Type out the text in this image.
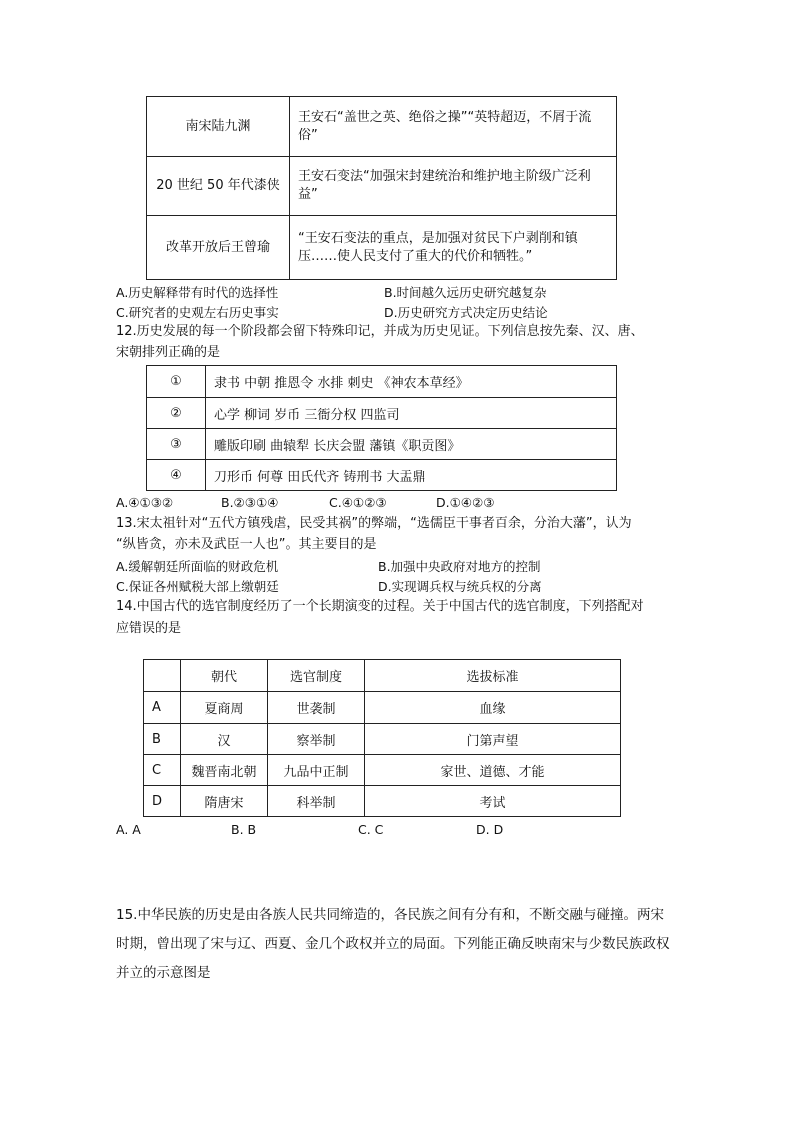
南宋陆九渊	王安石“盖世之英、绝俗之操”“英特超迈，不屑于流俗”
20 世纪 50 年代漆侠	王安石变法“加强宋封建统治和维护地主阶级广泛利益”
改革开放后王曾瑜	“王安石变法的重点，是加强对贫民下户剥削和镇压……使人民支付了重大的代价和牺牲。”
A.历史解释带有时代的选择性	B.时间越久远历史研究越复杂
C.研究者的史观左右历史事实	D.历史研究方式决定历史结论
12.历史发展的每一个阶段都会留下特殊印记，并成为历史见证。下列信息按先秦、汉、唐、
宋朝排列正确的是
①	隶书 中朝 推恩令 水排 刺史 《神农本草经》
②	心学 柳词 岁币 三衙分权 四监司
③	雕版印刷 曲辕犁 长庆会盟 藩镇《职贡图》
④	刀形币 何尊 田氏代齐 铸刑书 大盂鼎
A.④①③②	B.②③①④	C.④①②③	D.①④②③
13.宋太祖针对“五代方镇残虐，民受其祸”的弊端，“选儒臣干事者百余，分治大藩”，认为
“纵皆贪，亦未及武臣一人也”。其主要目的是
A.缓解朝廷所面临的财政危机	B.加强中央政府对地方的控制
C.保证各州赋税大部上缴朝廷	D.实现调兵权与统兵权的分离
14.中国古代的选官制度经历了一个长期演变的过程。关于中国古代的选官制度，下列搭配对
应错误的是
	朝代	选官制度	选拔标准
A	夏商周	世袭制	血缘
B	汉	察举制	门第声望
C	魏晋南北朝	九品中正制	家世、道德、才能
D	隋唐宋	科举制	考试
A. A	B. B	C. C	D. D
15.中华民族的历史是由各族人民共同缔造的，各民族之间有分有和，不断交融与碰撞。两宋
时期，曾出现了宋与辽、西夏、金几个政权并立的局面。下列能正确反映南宋与少数民族政权
并立的示意图是
